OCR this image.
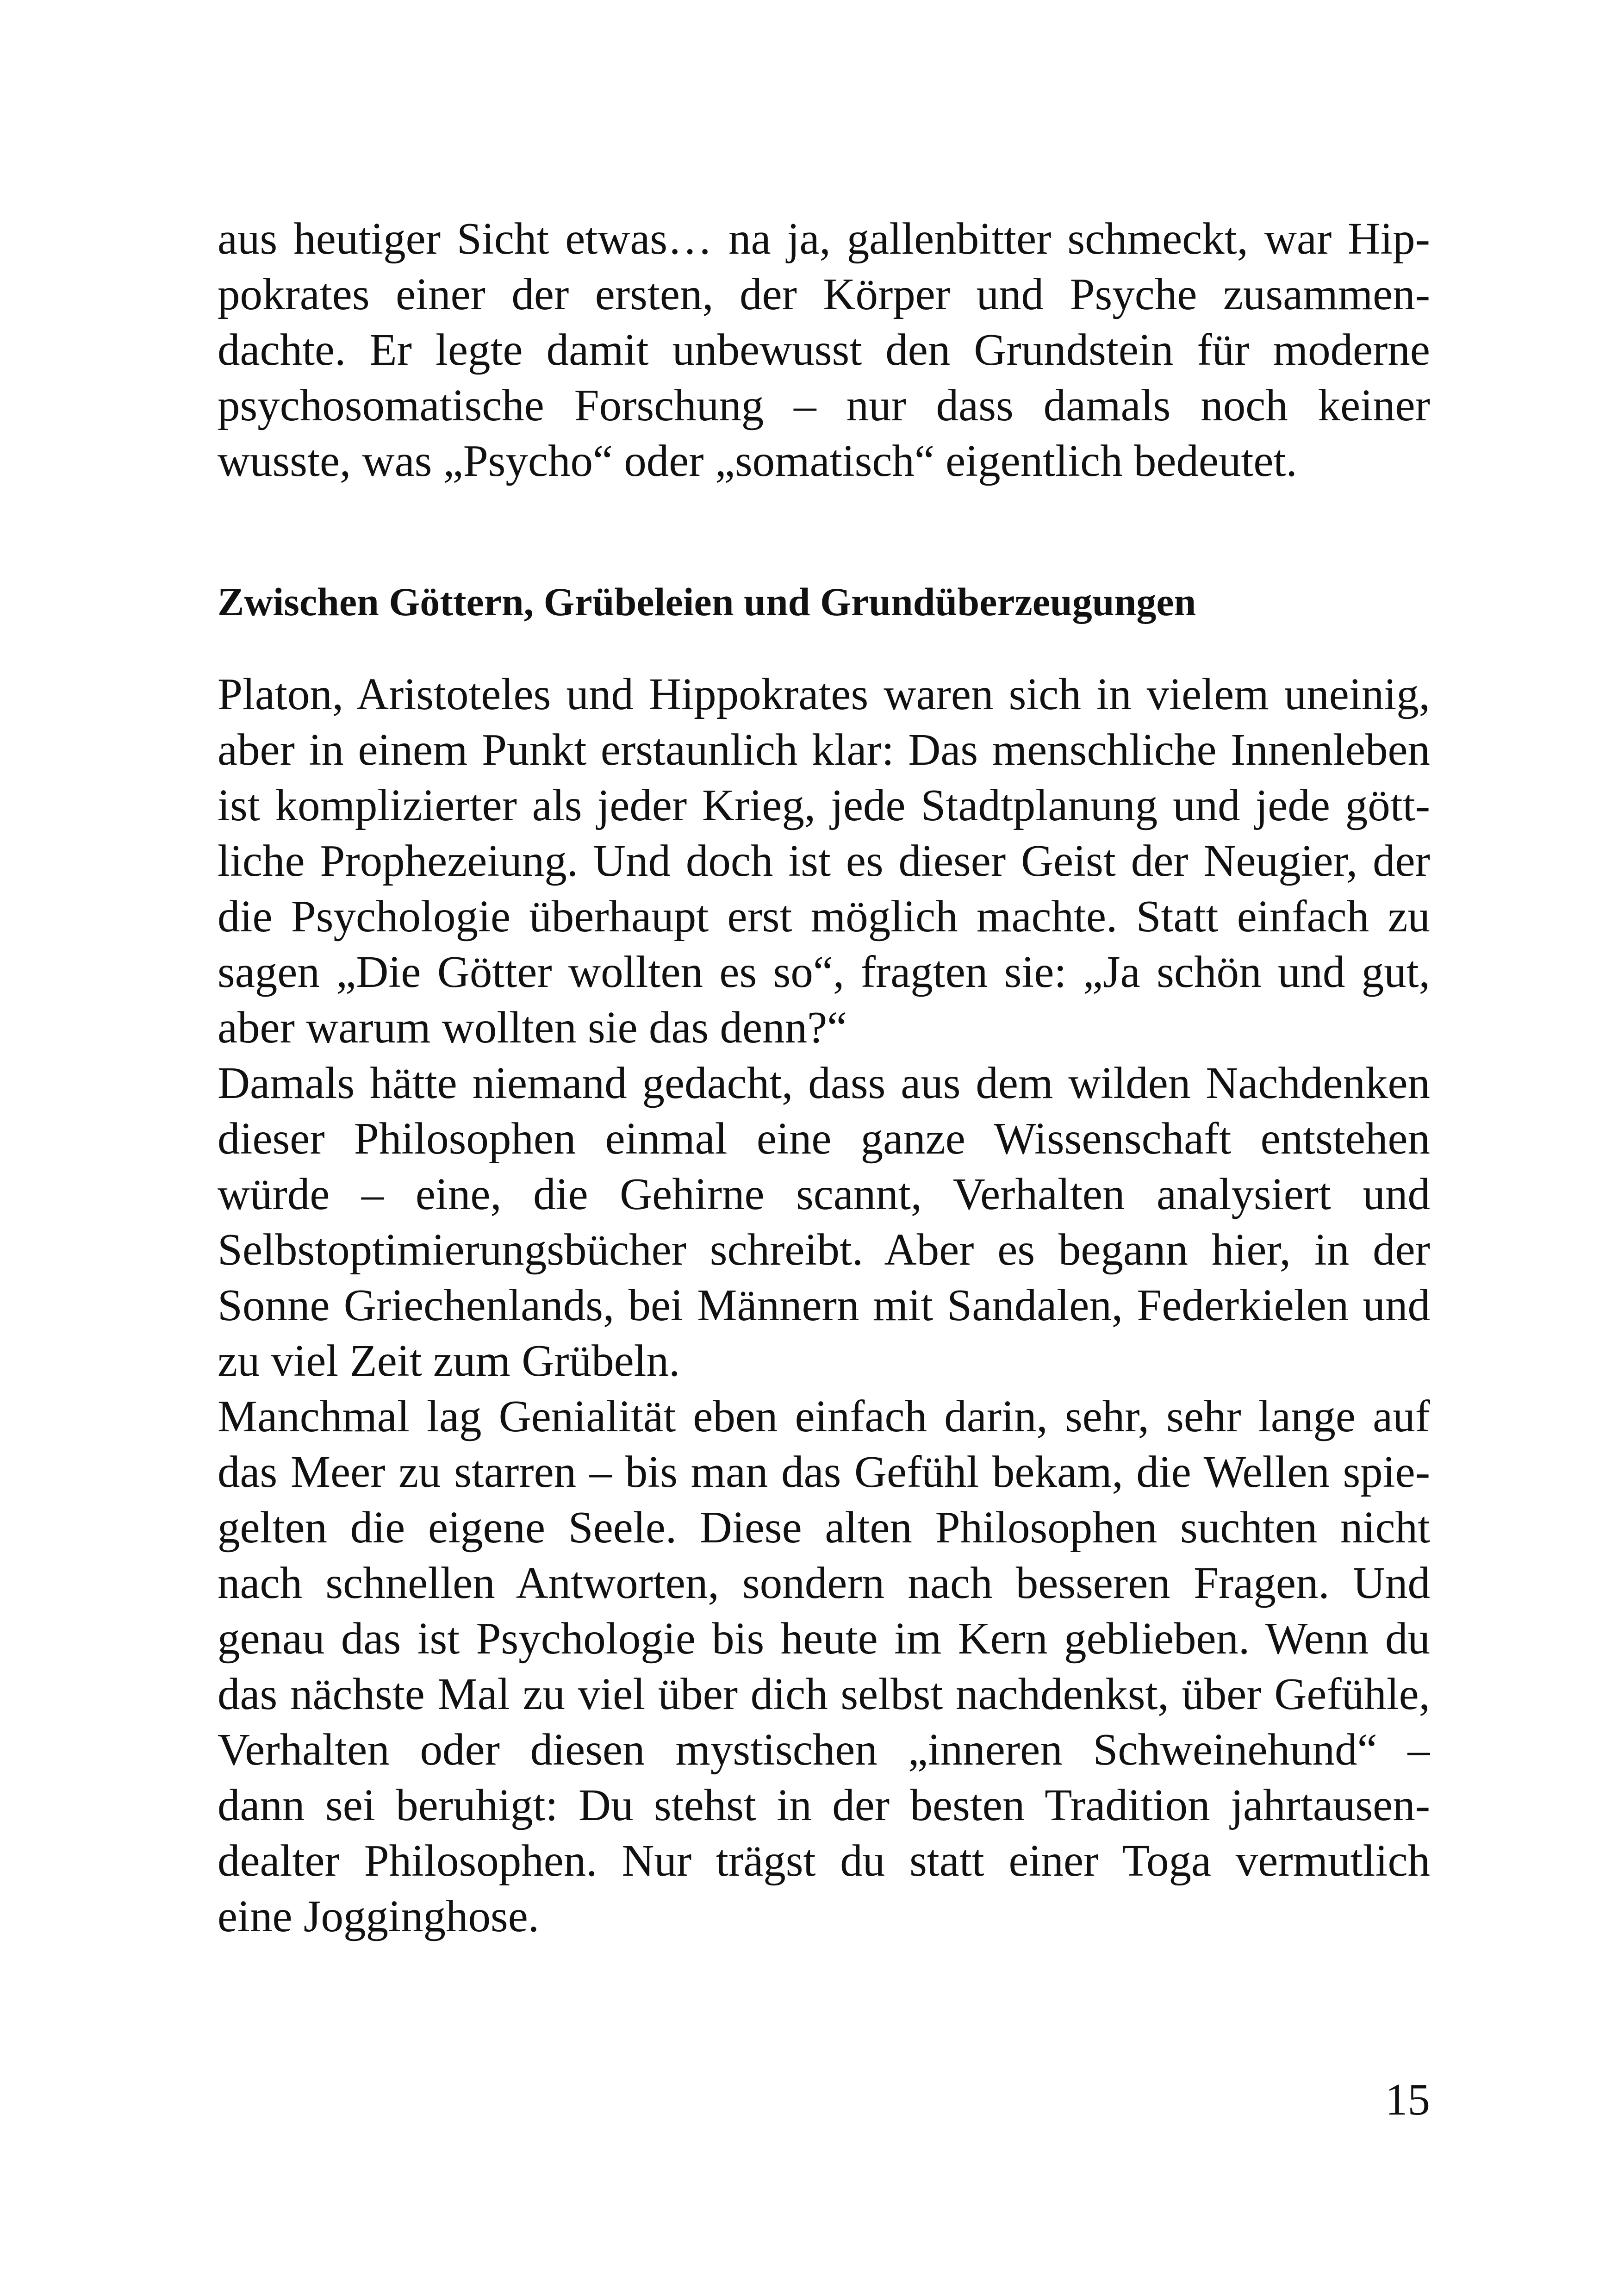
aus heutiger Sicht etwas… na ja, gallenbitter schmeckt, war Hip-
pokrates einer der ersten, der Körper und Psyche zusammen-
dachte. Er legte damit unbewusst den Grundstein für moderne
psychosomatische Forschung – nur dass damals noch keiner
wusste, was „Psycho“ oder „somatisch“ eigentlich bedeutet.
Zwischen Göttern, Grübeleien und Grundüberzeugungen
Platon, Aristoteles und Hippokrates waren sich in vielem uneinig,
aber in einem Punkt erstaunlich klar: Das menschliche Innenleben
ist komplizierter als jeder Krieg, jede Stadtplanung und jede gött-
liche Prophezeiung. Und doch ist es dieser Geist der Neugier, der
die Psychologie überhaupt erst möglich machte. Statt einfach zu
sagen „Die Götter wollten es so“, fragten sie: „Ja schön und gut,
aber warum wollten sie das denn?“
Damals hätte niemand gedacht, dass aus dem wilden Nachdenken
dieser Philosophen einmal eine ganze Wissenschaft entstehen
würde – eine, die Gehirne scannt, Verhalten analysiert und
Selbstoptimierungsbücher schreibt. Aber es begann hier, in der
Sonne Griechenlands, bei Männern mit Sandalen, Federkielen und
zu viel Zeit zum Grübeln.
Manchmal lag Genialität eben einfach darin, sehr, sehr lange auf
das Meer zu starren – bis man das Gefühl bekam, die Wellen spie-
gelten die eigene Seele. Diese alten Philosophen suchten nicht
nach schnellen Antworten, sondern nach besseren Fragen. Und
genau das ist Psychologie bis heute im Kern geblieben. Wenn du
das nächste Mal zu viel über dich selbst nachdenkst, über Gefühle,
Verhalten oder diesen mystischen „inneren Schweinehund“ –
dann sei beruhigt: Du stehst in der besten Tradition jahrtausen-
dealter Philosophen. Nur trägst du statt einer Toga vermutlich
eine Jogginghose.
15
